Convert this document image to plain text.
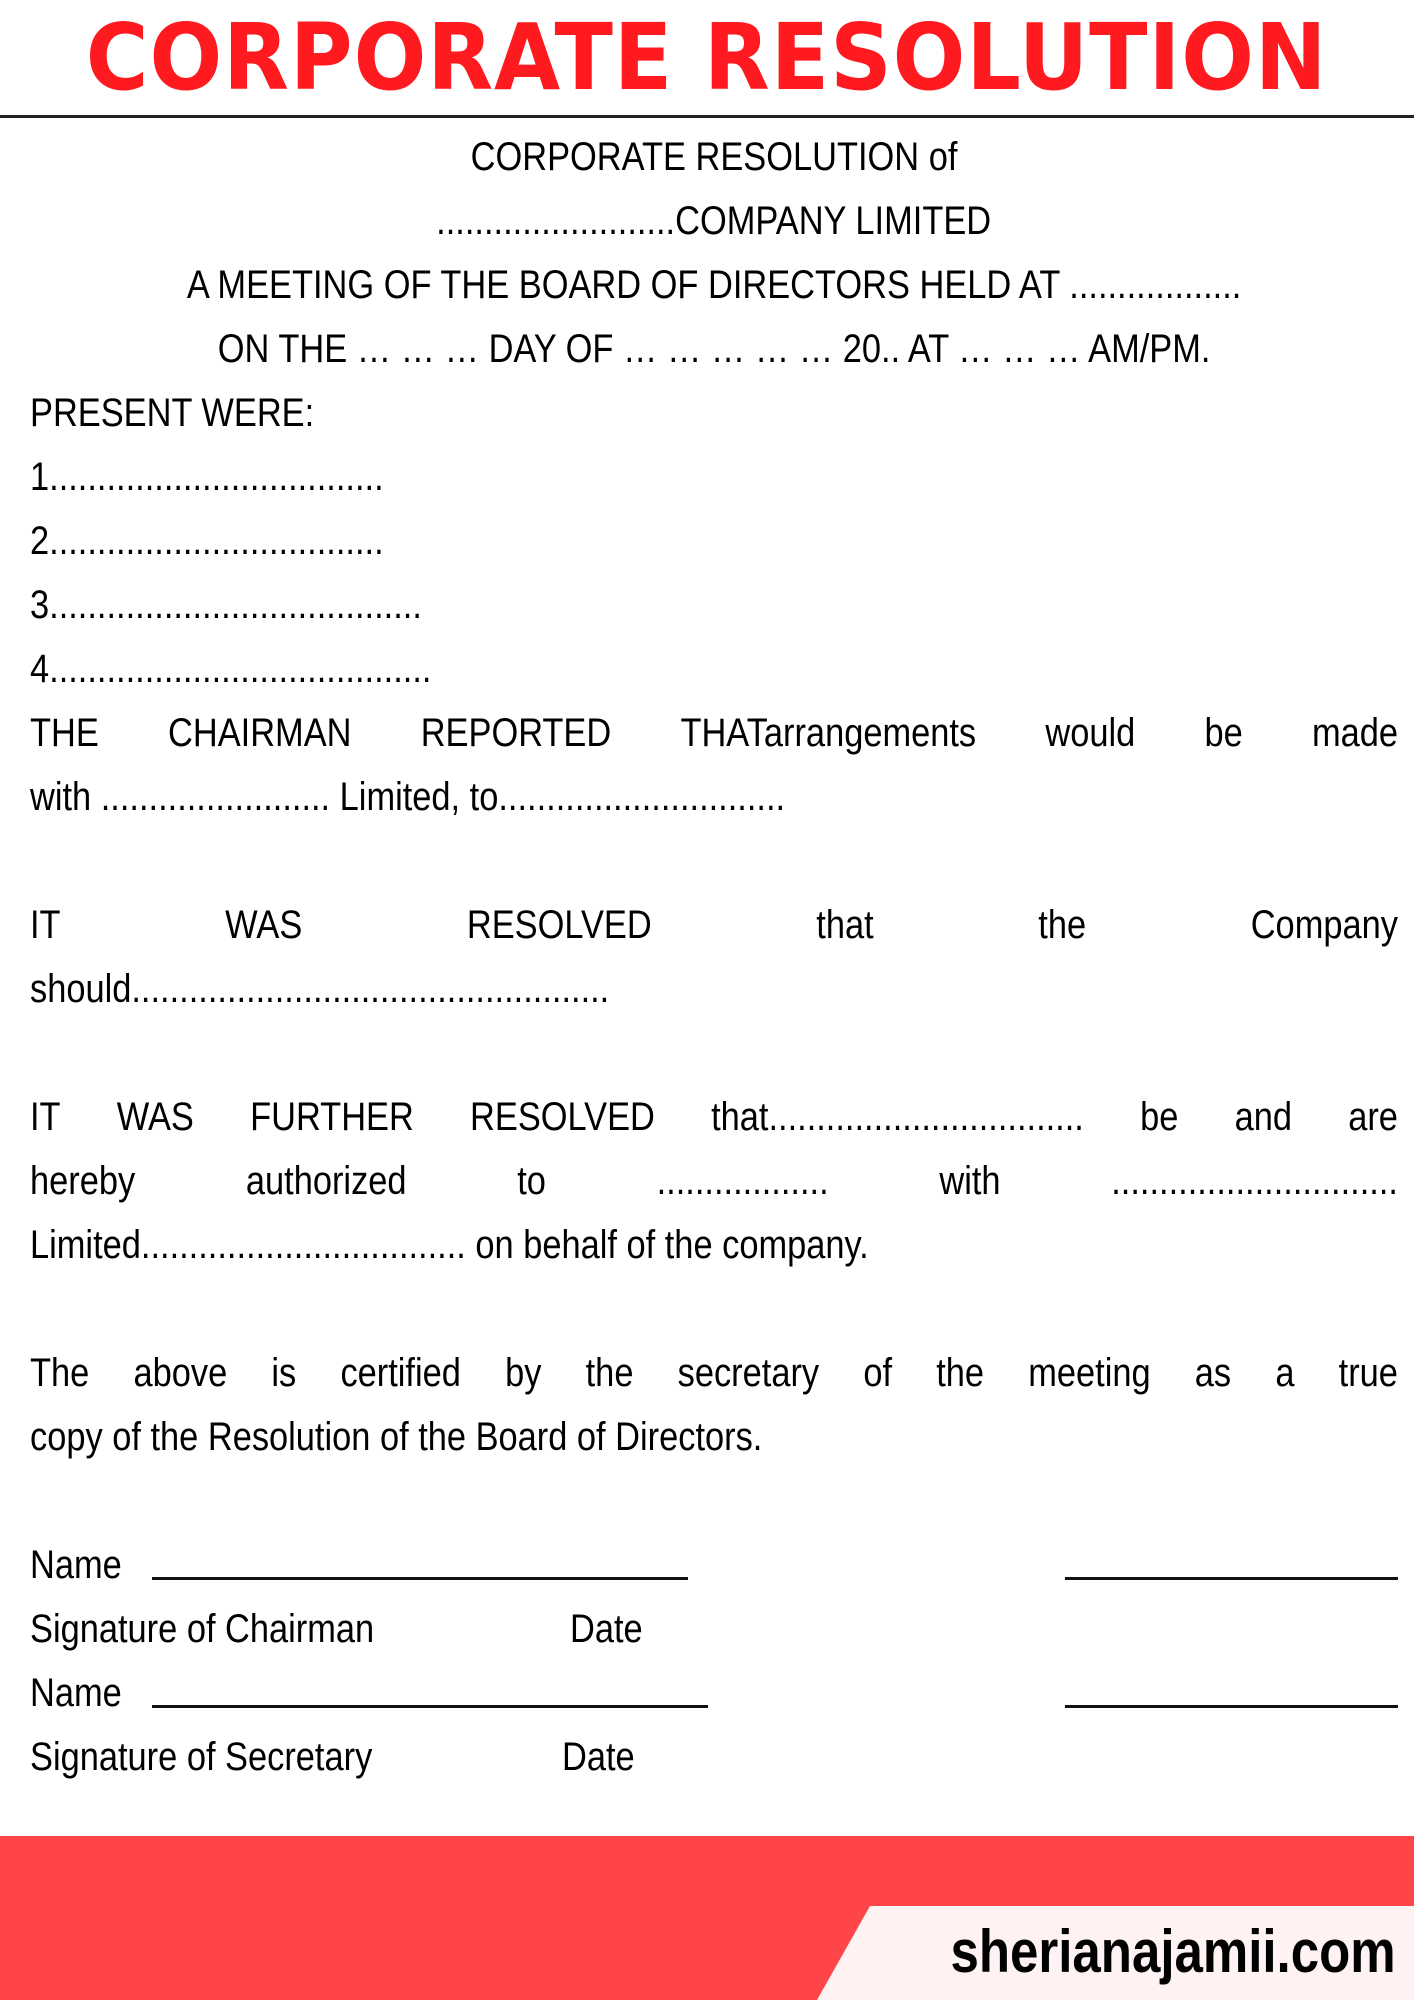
CORPORATE RESOLUTION
CORPORATE RESOLUTION of
.........................COMPANY LIMITED
A MEETING OF THE BOARD OF DIRECTORS HELD AT ..................
ON THE … … … DAY OF … … … … … 20.. AT … … … AM/PM.
PRESENT WERE:
1...................................
2...................................
3.......................................
4........................................
THE CHAIRMAN REPORTED THATarrangements would be made
with ........................ Limited, to..............................
IT	WAS	RESOLVED	that	the	Company
should..................................................
IT WAS FURTHER RESOLVED that................................. be and are
hereby	authorized	to	..................	with	..............................
Limited.................................. on behalf of the company.
The above is certified by the secretary of the meeting as a true
copy of the Resolution of the Board of Directors.
Name
Signature of Chairman	Date
Name
Signature of Secretary	Date
sherianajamii.com
